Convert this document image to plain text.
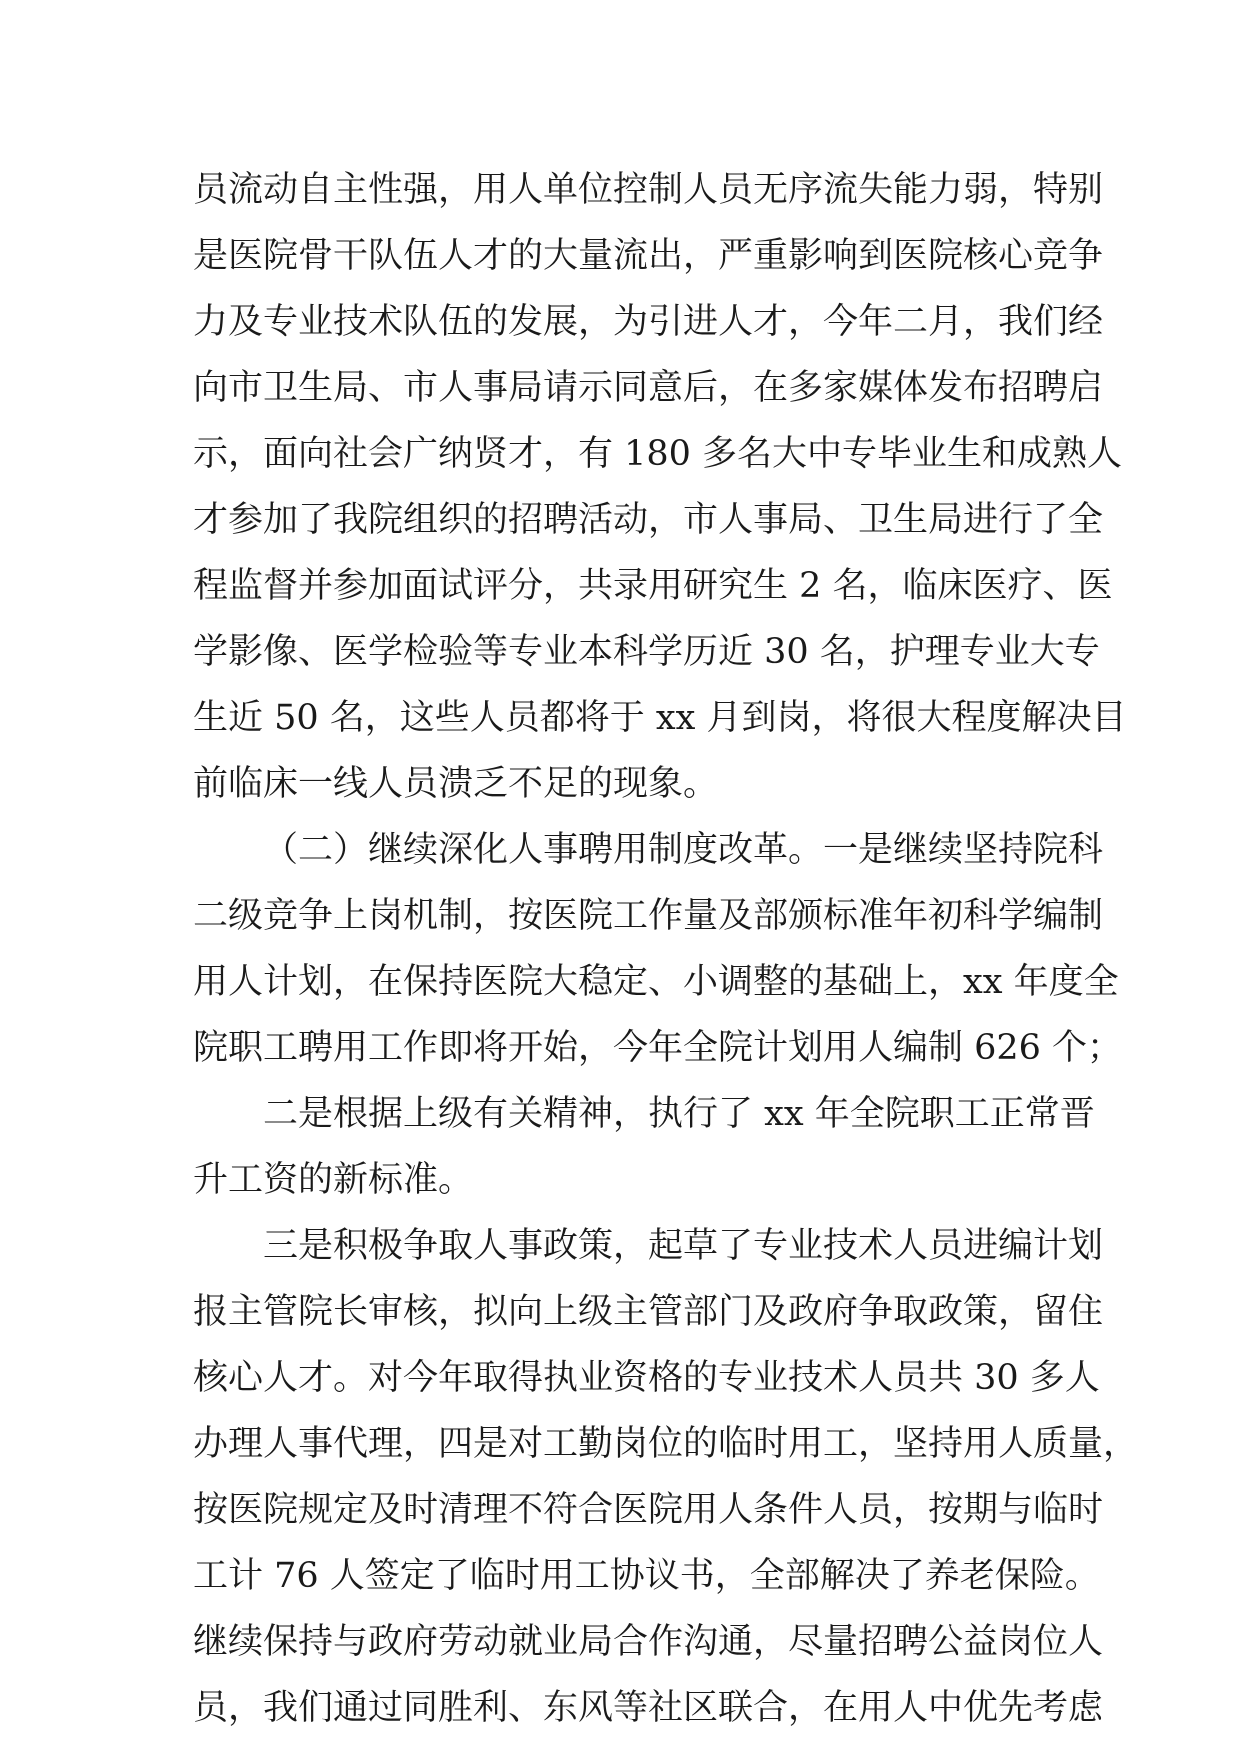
员流动自主性强，用人单位控制人员无序流失能力弱，特别
是医院骨干队伍人才的大量流出，严重影响到医院核心竞争
力及专业技术队伍的发展，为引进人才，今年二月，我们经
向市卫生局、市人事局请示同意后，在多家媒体发布招聘启
示，面向社会广纳贤才，有 180 多名大中专毕业生和成熟人
才参加了我院组织的招聘活动，市人事局、卫生局进行了全
程监督并参加面试评分，共录用研究生 2 名，临床医疗、医
学影像、医学检验等专业本科学历近 30 名，护理专业大专
生近 50 名，这些人员都将于 xx 月到岗，将很大程度解决目
前临床一线人员溃乏不足的现象。
（二）继续深化人事聘用制度改革。一是继续坚持院科
二级竞争上岗机制，按医院工作量及部颁标准年初科学编制
用人计划，在保持医院大稳定、小调整的基础上，xx 年度全
院职工聘用工作即将开始，今年全院计划用人编制 626 个；
二是根据上级有关精神，执行了 xx 年全院职工正常晋
升工资的新标准。
三是积极争取人事政策，起草了专业技术人员进编计划
报主管院长审核，拟向上级主管部门及政府争取政策，留住
核心人才。对今年取得执业资格的专业技术人员共 30 多人
办理人事代理，四是对工勤岗位的临时用工，坚持用人质量，
按医院规定及时清理不符合医院用人条件人员，按期与临时
工计 76 人签定了临时用工协议书，全部解决了养老保险。
继续保持与政府劳动就业局合作沟通，尽量招聘公益岗位人
员，我们通过同胜利、东风等社区联合，在用人中优先考虑
